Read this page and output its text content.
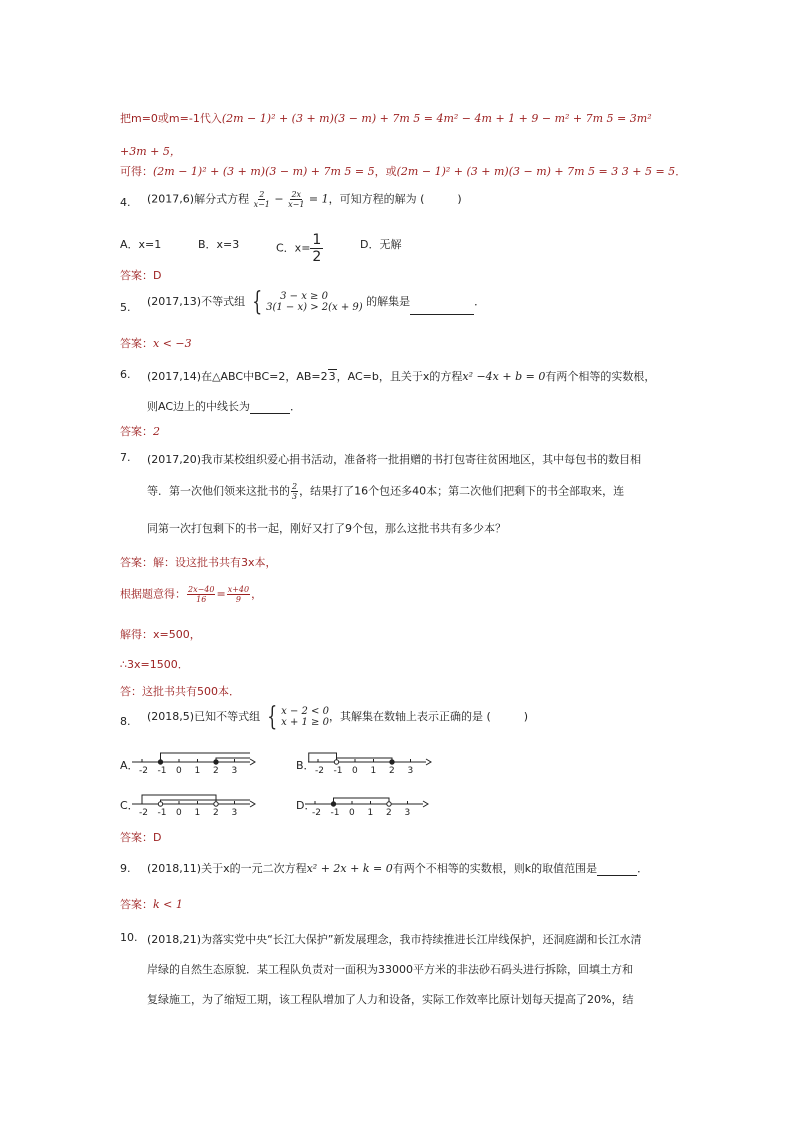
把m=0或m=-1代入(2m − 1)² + (3 + m)(3 − m) + 7m 5 = 4m² − 4m + 1 + 9 − m² + 7m 5 = 3m²
+3m + 5，
可得：(2m − 1)² + (3 + m)(3 − m) + 7m 5 = 5，或(2m − 1)² + (3 + m)(3 − m) + 7m 5 = 3 3 + 5 = 5．
4. (2017,6)解分式方程 $\frac{2}{x-1} - \frac{2x}{x-1} = 1$，可知方程的解为 (　　　)
A．x=1	B．x=3	C．$x= \frac{1}{2}$	D．无解
答案：D
5. (2017,13)不等式组 {	3 − x ≥ 0
3(1 − x) > 2(x + 9) 的解集是	．
答案：x < −3
6. (2017,14)在△ABC中BC=2，AB=23，AC=b，且关于x的方程x² −4x + b = 0有两个相等的实数根，
则AC边上的中线长为	．
答案：2
7. (2017,20)我市某校组织爱心捐书活动，准备将一批捐赠的书打包寄往贫困地区，其中每包书的数目相
等．第一次他们领来这批书的 $\frac{2}{3}$ ，结果打了16个包还多40本；第二次他们把剩下的书全部取来，连
同第一次打包剩下的书一起，刚好又打了9个包，那么这批书共有多少本？
答案：解：设这批书共有3x本，
根据题意得： $\frac{2x-40}{16} = \frac{x+40}{9}$ ，
解得：x=500，
∴3x=1500．
答：这批书共有500本．
8. (2018,5)已知不等式组 { x − 2 < 0
x + 1 ≥ 0 ，其解集在数轴上表示正确的是 (　　　)
A． -2 -1 0 1 2 3	B． -2 -1 0 1 2 3
C．
-2 -1 0 1 2 3
D．
-2 -1 0 1 2 3
答案：D
9. (2018,11)关于x的一元二次方程x² + 2x + k = 0有两个不相等的实数根，则k的取值范围是	．
答案：k < 1
10. (2018,21)为落实党中央“长江大保护”新发展理念，我市持续推进长江岸线保护，还洞庭湖和长江水清
岸绿的自然生态原貌．某工程队负责对一面积为33000平方米的非法砂石码头进行拆除，回填土方和
复绿施工，为了缩短工期，该工程队增加了人力和设备，实际工作效率比原计划每天提高了20%，结
